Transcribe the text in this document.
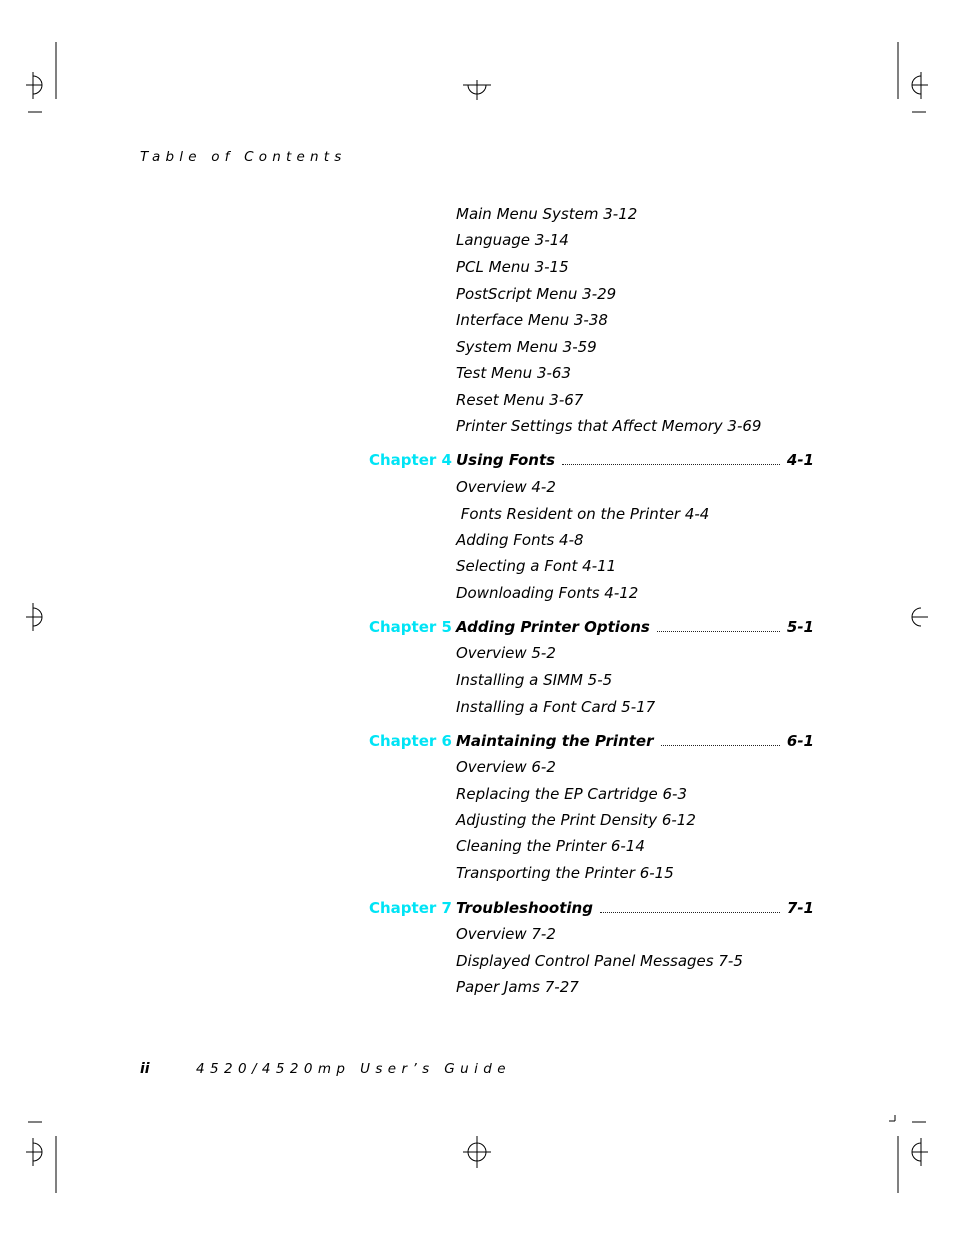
Table of Contents
Main Menu System 3-12
Language 3-14
PCL Menu 3-15
PostScript Menu 3-29
Interface Menu 3-38
System Menu 3-59
Test Menu 3-63
Reset Menu 3-67
Printer Settings that Affect Memory 3-69
Chapter 4 Using Fonts	4-1
Overview 4-2
Fonts Resident on the Printer 4-4
Adding Fonts 4-8
Selecting a Font 4-11
Downloading Fonts 4-12
Chapter 5 Adding Printer Options	5-1
Overview 5-2
Installing a SIMM 5-5
Installing a Font Card 5-17
Chapter 6 Maintaining the Printer	6-1
Overview 6-2
Replacing the EP Cartridge 6-3
Adjusting the Print Density 6-12
Cleaning the Printer 6-14
Transporting the Printer 6-15
Chapter 7 Troubleshooting	7-1
Overview 7-2
Displayed Control Panel Messages 7-5
Paper Jams 7-27
ii	4520/4520mp User’s Guide
